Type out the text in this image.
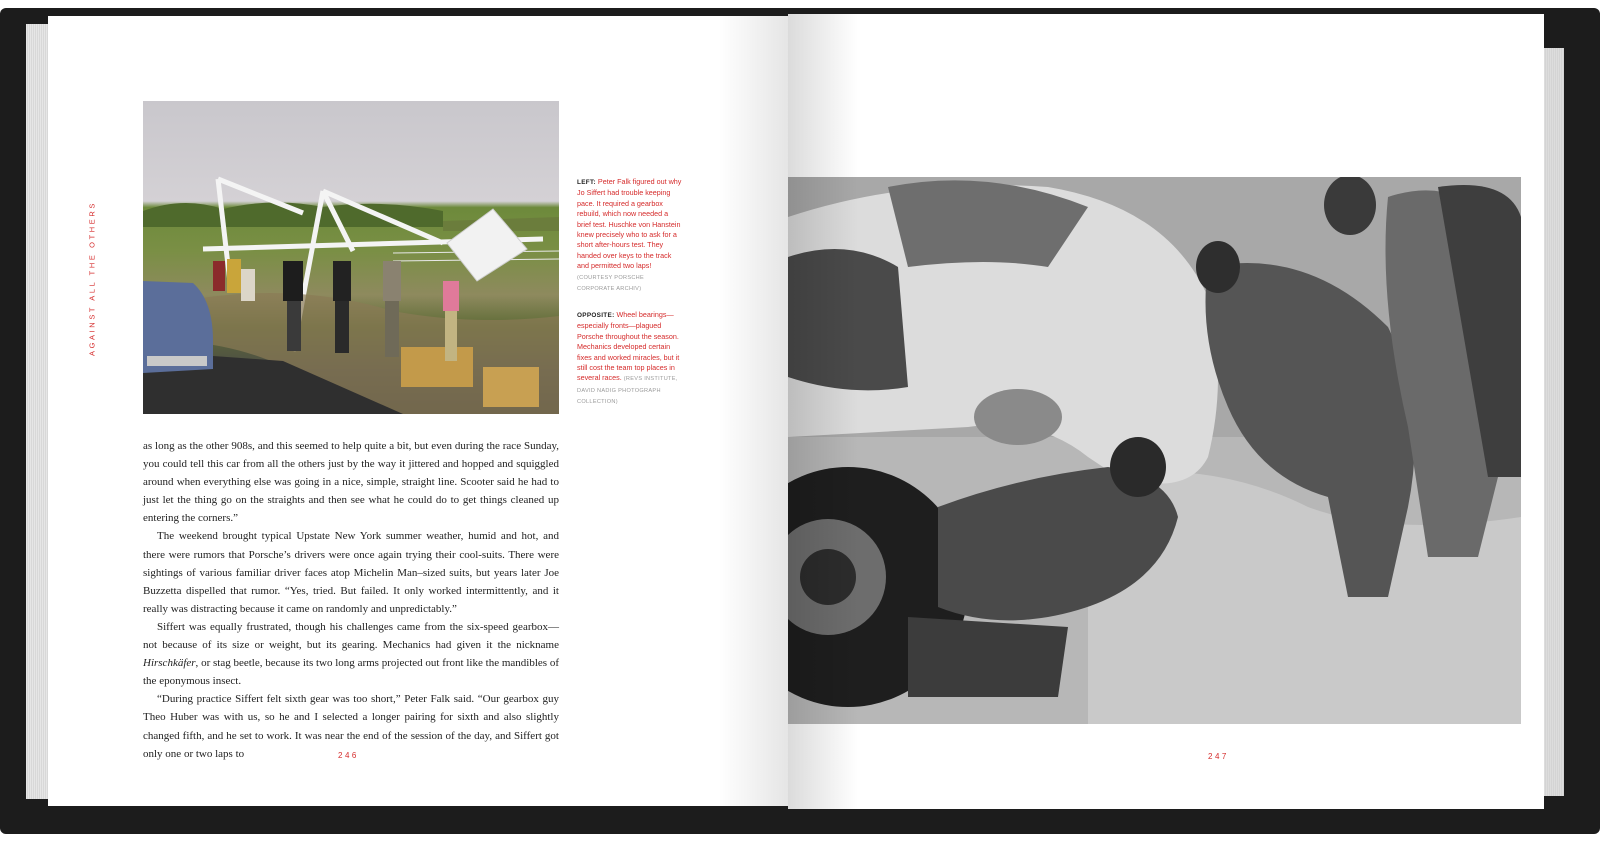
AGAINST ALL THE OTHERS

as long as the other 908s, and this seemed to help quite a bit, but even during the race Sunday, you could tell this car from all the others just by the way it jittered and hopped and squiggled around when everything else was going in a nice, simple, straight line. Scooter said he had to just let the thing go on the straights and then see what he could do to get things cleaned up entering the corners.”

The weekend brought typical Upstate New York summer weather, humid and hot, and there were rumors that Porsche’s drivers were once again trying their cool-suits. There were sightings of various familiar driver faces atop Michelin Man–sized suits, but years later Joe Buzzetta dispelled that rumor. “Yes, tried. But failed. It only worked intermittently, and it really was distracting because it came on randomly and unpredictably.”

Siffert was equally frustrated, though his challenges came from the six-speed gearbox—not because of its size or weight, but its gearing. Mechanics had given it the nickname Hirschkäfer, or stag beetle, because its two long arms projected out front like the mandibles of the eponymous insect.

“During practice Siffert felt sixth gear was too short,” Peter Falk said. “Our gearbox guy Theo Huber was with us, so he and I selected a longer pairing for sixth and also slightly changed fifth, and he set to work. It was near the end of the session of the day, and Siffert got only one or two laps to

LEFT: Peter Falk figured out why Jo Siffert had trouble keeping pace. It required a gearbox rebuild, which now needed a brief test. Huschke von Hanstein knew precisely who to ask for a short after-hours test. They handed over keys to the track and permitted two laps! (COURTESY PORSCHE CORPORATE ARCHIV)
OPPOSITE: Wheel bearings—especially fronts—plagued Porsche throughout the season. Mechanics developed certain fixes and worked miracles, but it still cost the team top places in several races. (REVS INSTITUTE, DAVID NADIG PHOTOGRAPH COLLECTION)
246	247
